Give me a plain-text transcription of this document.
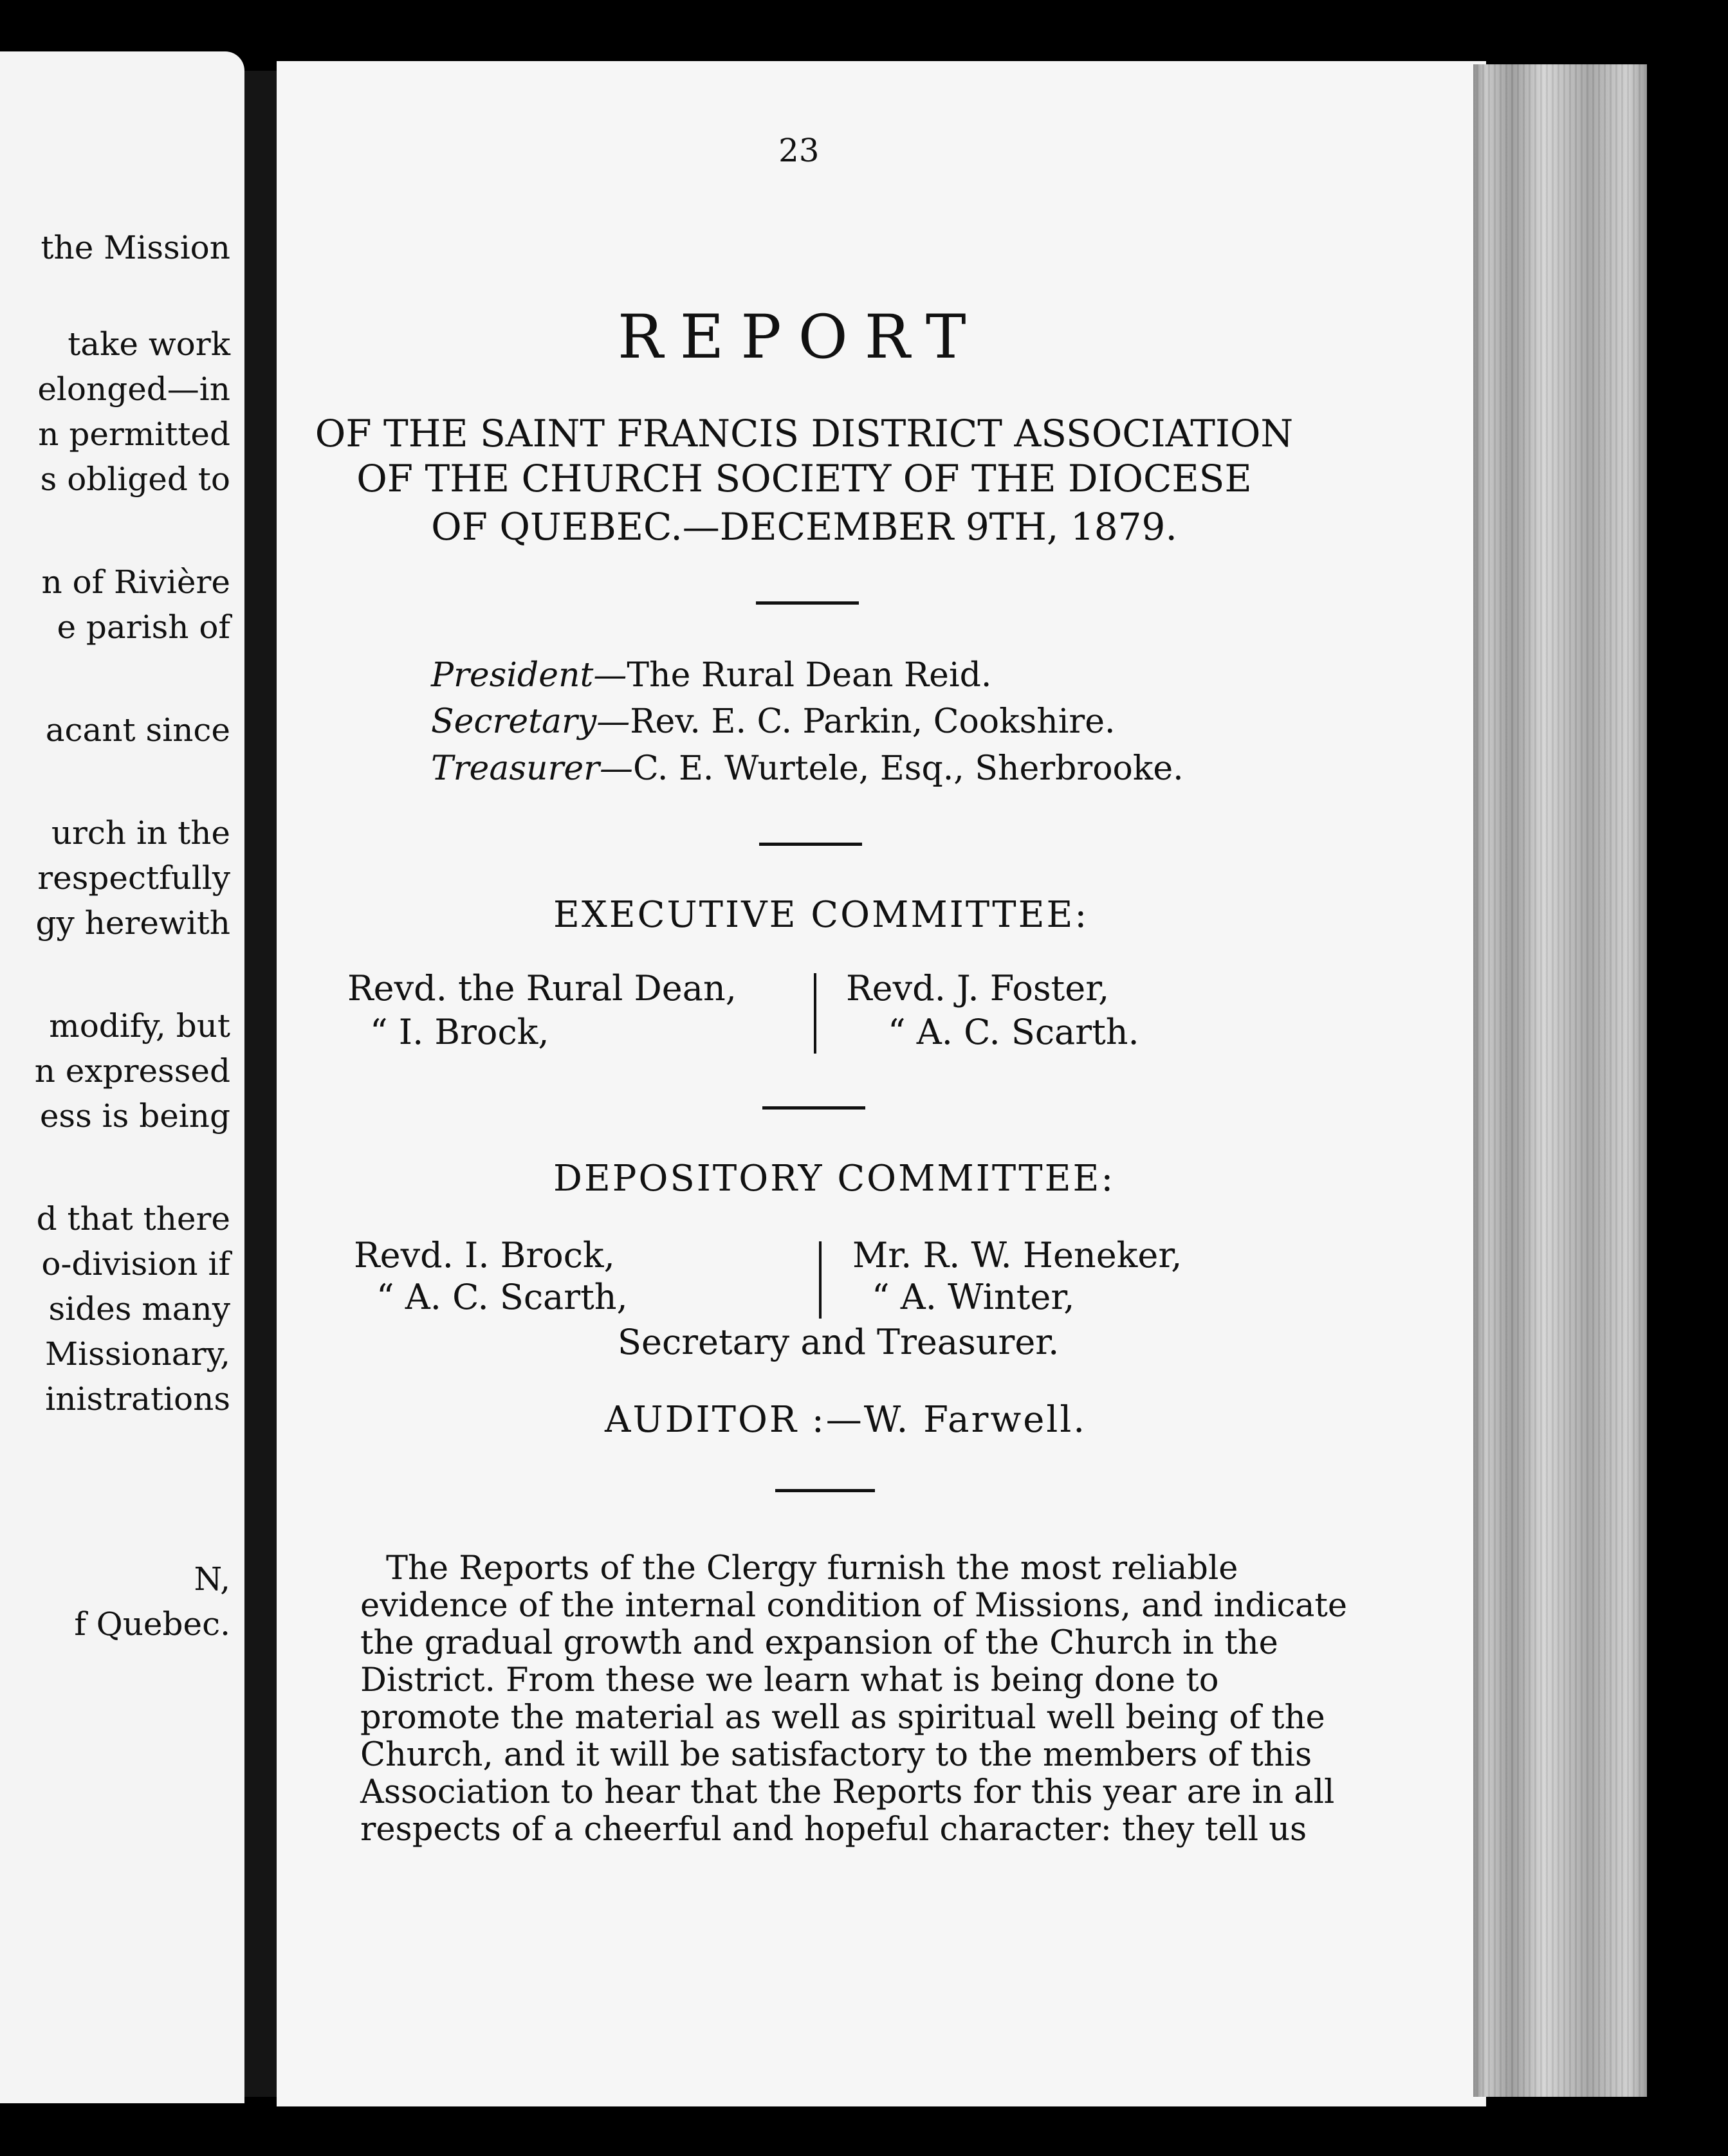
the Mission
take work
elonged—in
n permitted
s obliged to
n of Rivière
e parish of
acant since
urch in the
respectfully
gy herewith
modify, but
n expressed
ess is being
d that there
o-division if
sides many
Missionary,
inistrations
N,
f Quebec.
23
REPORT
OF THE SAINT FRANCIS DISTRICT ASSOCIATION
OF THE CHURCH SOCIETY OF THE DIOCESE
OF QUEBEC.—DECEMBER 9TH, 1879.
President—The Rural Dean Reid.
Secretary—Rev. E. C. Parkin, Cookshire.
Treasurer—C. E. Wurtele, Esq., Sherbrooke.
EXECUTIVE COMMITTEE:
Revd. the Rural Dean,
“ I. Brock,
Revd. J. Foster,
“ A. C. Scarth.
DEPOSITORY COMMITTEE:
Revd. I. Brock,
“ A. C. Scarth,
Mr. R. W. Heneker,
“ A. Winter,
Secretary and Treasurer.
AUDITOR :—W. Farwell.
The Reports of the Clergy furnish the most reliable
evidence of the internal condition of Missions, and indicate
the gradual growth and expansion of the Church in the
District. From these we learn what is being done to
promote the material as well as spiritual well being of the
Church, and it will be satisfactory to the members of this
Association to hear that the Reports for this year are in all
respects of a cheerful and hopeful character: they tell us
